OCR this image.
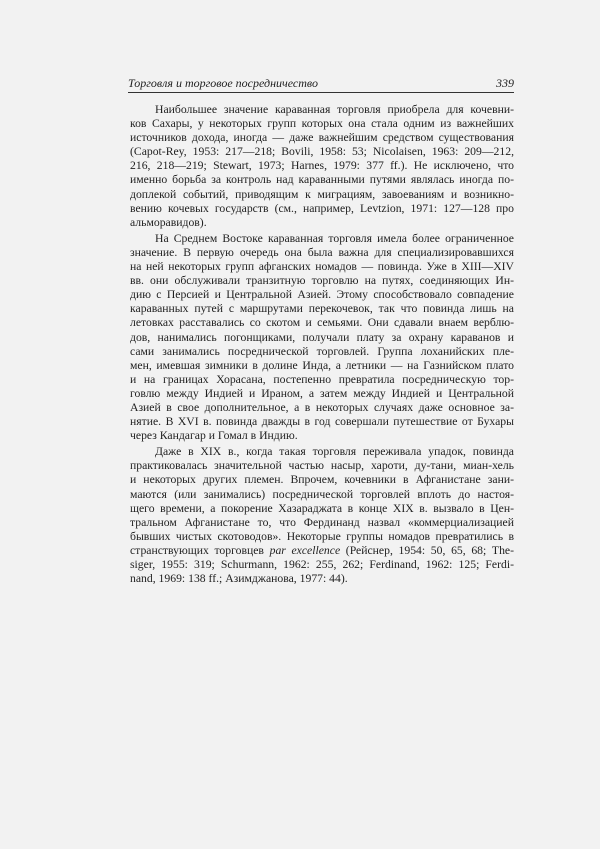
Торговля и торговое посредничество	339
Наибольшее значение караванная торговля приобрела для кочевни-
ков Сахары, у некоторых групп которых она стала одним из важнейших
источников дохода, иногда — даже важнейшим средством существования
(Capot-Rey, 1953: 217—218; Bovili, 1958: 53; Nicolaisen, 1963: 209—212,
216, 218—219; Stewart, 1973; Harnes, 1979: 377 ff.). Не исключено, что
именно борьба за контроль над караванными путями являлась иногда по-
доплекой событий, приводящим к миграциям, завоеваниям и возникно-
вению кочевых государств (см., например, Levtzion, 1971: 127—128 про
альморавидов).
На Среднем Востоке караванная торговля имела более ограниченное
значение. В первую очередь она была важна для специализировавшихся
на ней некоторых групп афганских номадов — повинда. Уже в XIII—XIV
вв. они обслуживали транзитную торговлю на путях, соединяющих Ин-
дию с Персией и Центральной Азией. Этому способствовало совпадение
караванных путей с маршрутами перекочевок, так что повинда лишь на
летовках расставались со скотом и семьями. Они сдавали внаем верблю-
дов, нанимались погонщиками, получали плату за охрану караванов и
сами занимались посреднической торговлей. Группа лоханийских пле-
мен, имевшая зимники в долине Инда, а летники — на Газнийском плато
и на границах Хорасана, постепенно превратила посредническую тор-
говлю между Индией и Ираном, а затем между Индией и Центральной
Азией в свое дополнительное, а в некоторых случаях даже основное за-
нятие. В XVI в. повинда дважды в год совершали путешествие от Бухары
через Кандагар и Гомал в Индию.
Даже в XIX в., когда такая торговля переживала упадок, повинда
практиковалась значительной частью насыр, харoти, ду-тани, миан-хель
и некоторых других племен. Впрочем, кочевники в Афганистане зани-
маются (или занимались) посреднической торговлей вплоть до настоя-
щего времени, а покорение Хазараджата в конце XIX в. вызвало в Цен-
тральном Афганистане то, что Фердинанд назвал «коммерциализацией
бывших чистых скотоводов». Некоторые группы номадов превратились в
странствующих торговцев par excellence (Рейснер, 1954: 50, 65, 68; The-
siger, 1955: 319; Schurmann, 1962: 255, 262; Ferdinand, 1962: 125; Ferdi-
nand, 1969: 138 ff.; Азимджанова, 1977: 44).
